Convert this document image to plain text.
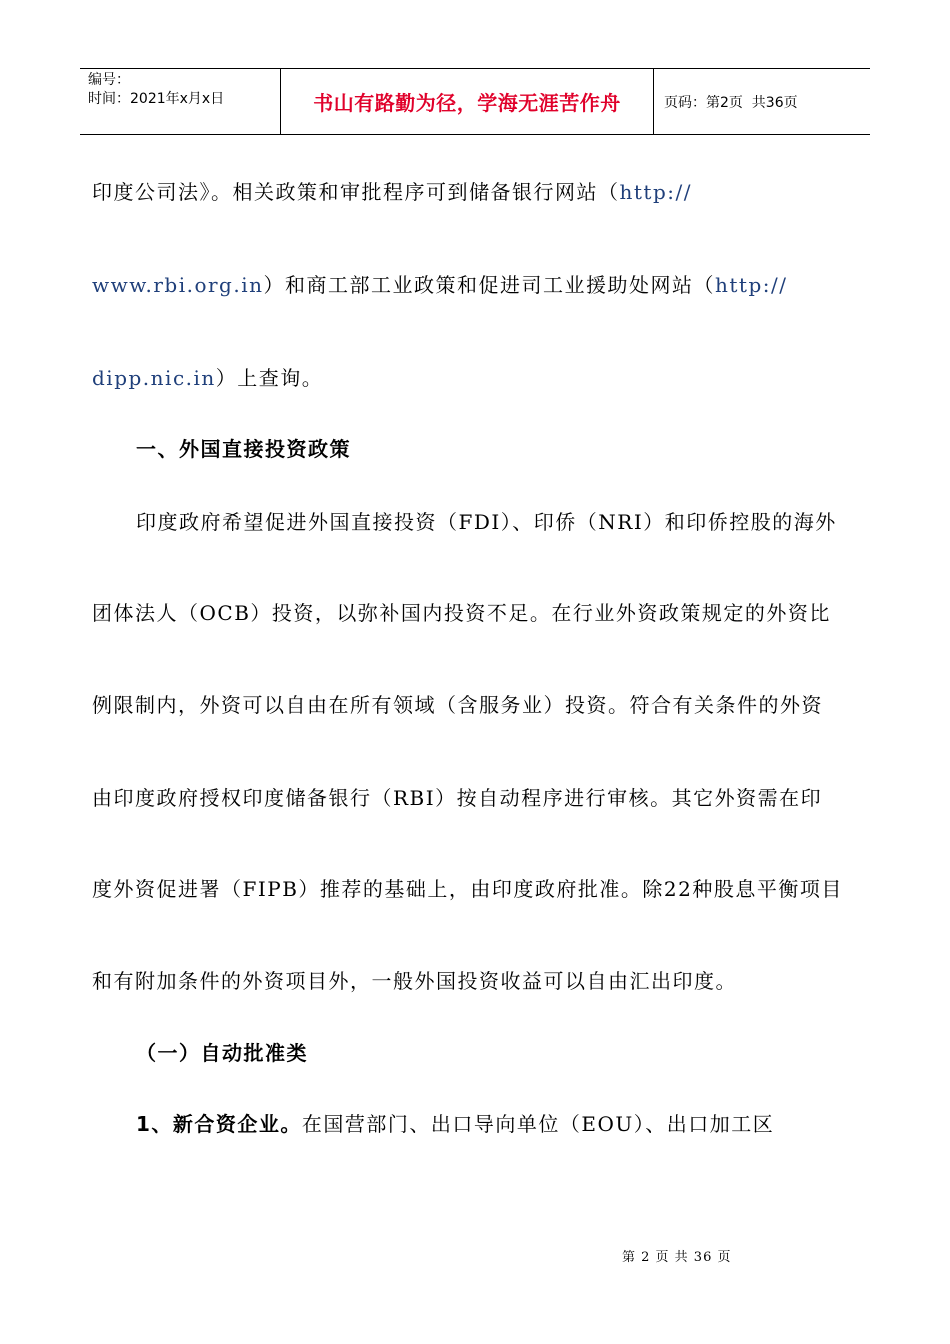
编号：
时间：2021年x月x日	书山有路勤为径，学海无涯苦作舟	页码：第2页  共36页
印度公司法》。相关政策和审批程序可到储备银行网站（http://
www.rbi.org.in）和商工部工业政策和促进司工业援助处网站（http://
dipp.nic.in）上查询。
一、外国直接投资政策
印度政府希望促进外国直接投资（FDI）、印侨（NRI）和印侨控股的海外
团体法人（OCB）投资，以弥补国内投资不足。在行业外资政策规定的外资比
例限制内，外资可以自由在所有领域（含服务业）投资。符合有关条件的外资
由印度政府授权印度储备银行（RBI）按自动程序进行审核。其它外资需在印
度外资促进署（FIPB）推荐的基础上，由印度政府批准。除22种股息平衡项目
和有附加条件的外资项目外，一般外国投资收益可以自由汇出印度。
（一）自动批准类
1、新合资企业。在国营部门、出口导向单位（EOU）、出口加工区
第 2 页 共 36 页
